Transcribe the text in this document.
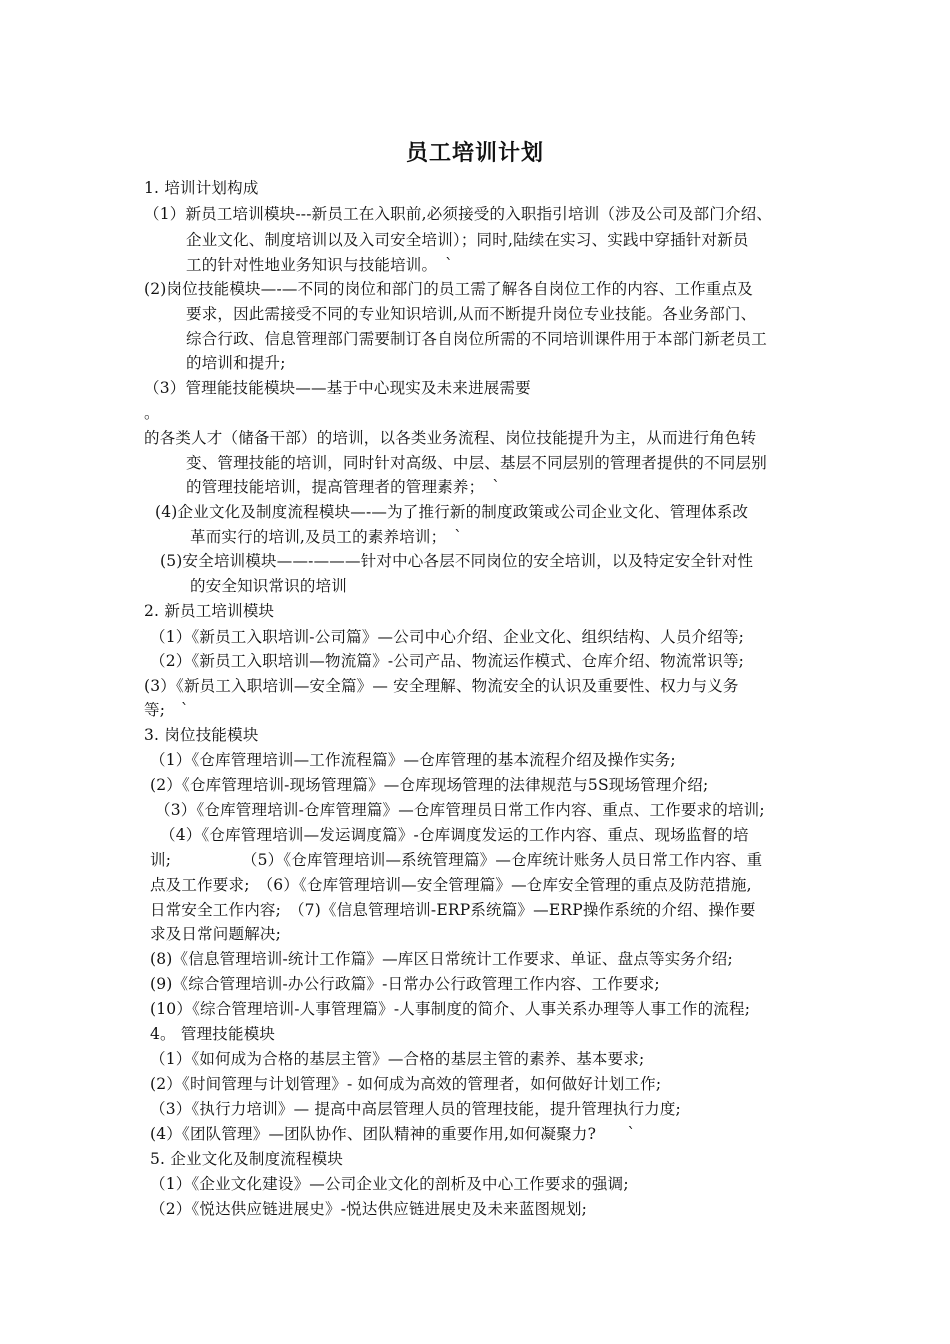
员工培训计划
1. 培训计划构成
（1）新员工培训模块---新员工在入职前,必须接受的入职指引培训（涉及公司及部门介绍、
企业文化、制度培训以及入司安全培训）；同时,陆续在实习、实践中穿插针对新员
工的针对性地业务知识与技能培训。　`
(2)岗位技能模块—-—不同的岗位和部门的员工需了解各自岗位工作的内容、工作重点及
要求，因此需接受不同的专业知识培训,从而不断提升岗位专业技能。各业务部门、
综合行政、信息管理部门需要制订各自岗位所需的不同培训课件用于本部门新老员工
的培训和提升;
（3）管理能技能模块——基于中心现实及未来进展需要
。
的各类人才（储备干部）的培训，以各类业务流程、岗位技能提升为主，从而进行角色转
变、管理技能的培训，同时针对高级、中层、基层不同层别的管理者提供的不同层别
的管理技能培训，提高管理者的管理素养；　`
(4)企业文化及制度流程模块—-—为了推行新的制度政策或公司企业文化、管理体系改
革而实行的培训,及员工的素养培训；　`
(5)安全培训模块——-———针对中心各层不同岗位的安全培训，以及特定安全针对性
的安全知识常识的培训
2. 新员工培训模块
（1）《新员工入职培训-公司篇》—公司中心介绍、企业文化、组织结构、人员介绍等;
（2）《新员工入职培训—物流篇》-公司产品、物流运作模式、仓库介绍、物流常识等;
(3）《新员工入职培训—安全篇》— 安全理解、物流安全的认识及重要性、权力与义务
等;　`
3. 岗位技能模块
（1）《仓库管理培训—工作流程篇》—仓库管理的基本流程介绍及操作实务;
(2）《仓库管理培训-现场管理篇》—仓库现场管理的法律规范与5S现场管理介绍;
（3）《仓库管理培训-仓库管理篇》—仓库管理员日常工作内容、重点、工作要求的培训;
（4）《仓库管理培训—发运调度篇》-仓库调度发运的工作内容、重点、现场监督的培
训;　　　　　（5）《仓库管理培训—系统管理篇》—仓库统计账务人员日常工作内容、重
点及工作要求;　（6）《仓库管理培训—安全管理篇》—仓库安全管理的重点及防范措施,
日常安全工作内容;　（7)《信息管理培训-ERP系统篇》—ERP操作系统的介绍、操作要
求及日常问题解决;
(8)《信息管理培训-统计工作篇》—库区日常统计工作要求、单证、盘点等实务介绍;
(9)《综合管理培训-办公行政篇》-日常办公行政管理工作内容、工作要求;
(10）《综合管理培训-人事管理篇》-人事制度的简介、人事关系办理等人事工作的流程;
4。 管理技能模块
（1）《如何成为合格的基层主管》—合格的基层主管的素养、基本要求;
(2）《时间管理与计划管理》- 如何成为高效的管理者，如何做好计划工作;
（3）《执行力培训》— 提高中高层管理人员的管理技能，提升管理执行力度;
(4）《团队管理》—团队协作、团队精神的重要作用,如何凝聚力?　　`
5. 企业文化及制度流程模块
（1）《企业文化建设》—公司企业文化的剖析及中心工作要求的强调;
（2）《悦达供应链进展史》-悦达供应链进展史及未来蓝图规划;
